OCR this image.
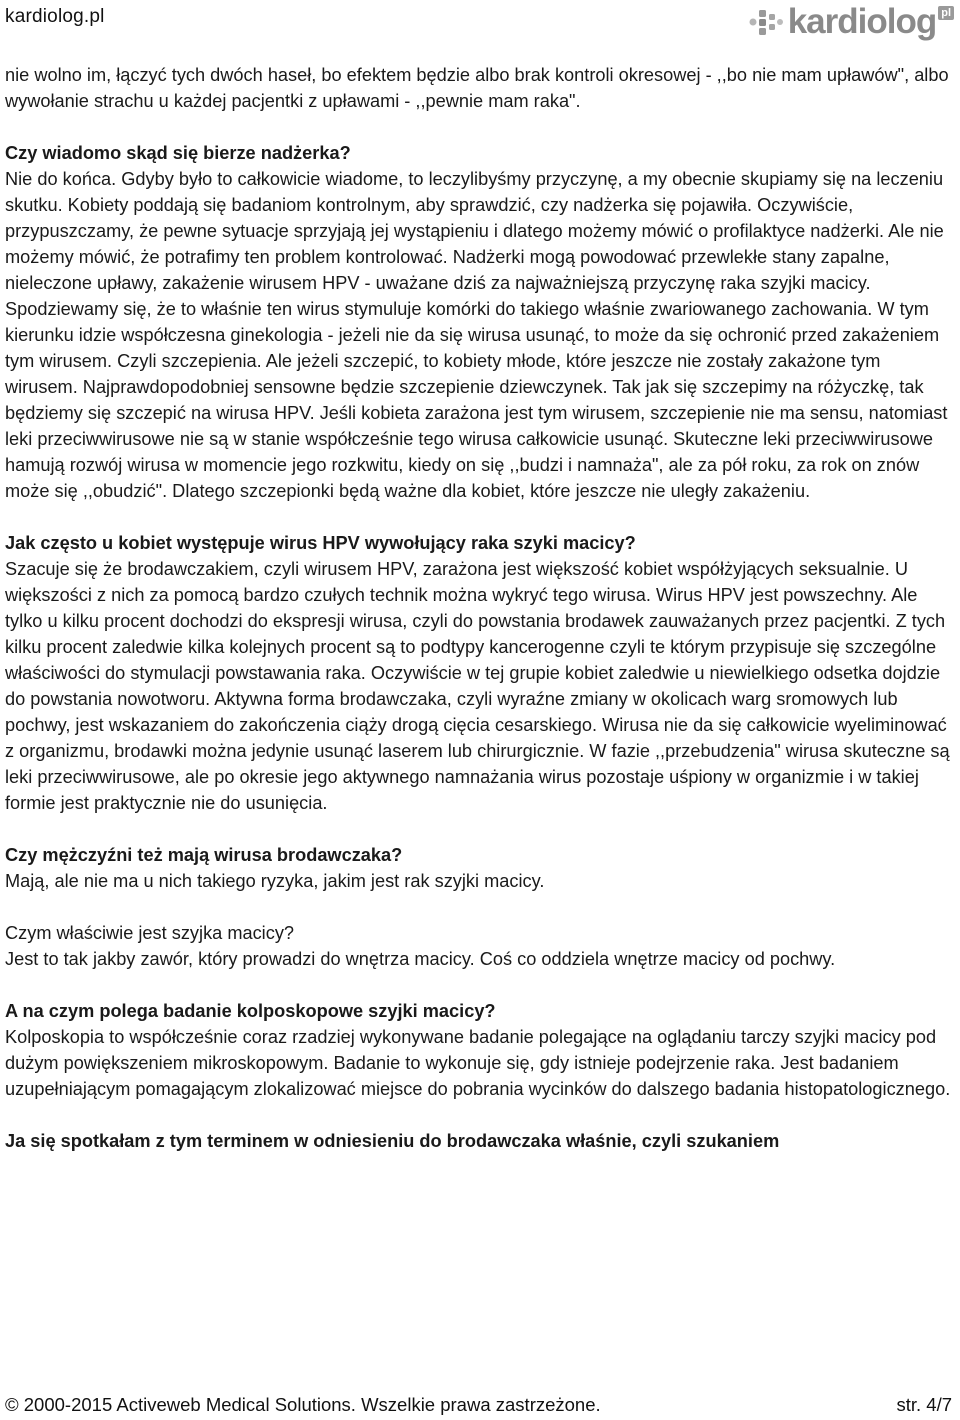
kardiolog.pl	kardiolog pl

nie wolno im, łączyć tych dwóch haseł, bo efektem będzie albo brak kontroli okresowej - ,,bo nie mam upławów", albo wywołanie strachu u każdej pacjentki z upławami - ,,pewnie mam raka".

Czy wiadomo skąd się bierze nadżerka?
Nie do końca. Gdyby było to całkowicie wiadome, to leczylibyśmy przyczynę, a my obecnie skupiamy się na leczeniu skutku. Kobiety poddają się badaniom kontrolnym, aby sprawdzić, czy nadżerka się pojawiła. Oczywiście, przypuszczamy, że pewne sytuacje sprzyjają jej wystąpieniu i dlatego możemy mówić o profilaktyce nadżerki. Ale nie możemy mówić, że potrafimy ten problem kontrolować. Nadżerki mogą powodować przewlekłe stany zapalne, nieleczone upławy, zakażenie wirusem HPV - uważane dziś za najważniejszą przyczynę raka szyjki macicy. Spodziewamy się, że to właśnie ten wirus stymuluje komórki do takiego właśnie zwariowanego zachowania. W tym kierunku idzie współczesna ginekologia - jeżeli nie da się wirusa usunąć, to może da się ochronić przed zakażeniem tym wirusem. Czyli szczepienia. Ale jeżeli szczepić, to kobiety młode, które jeszcze nie zostały zakażone tym wirusem. Najprawdopodobniej sensowne będzie szczepienie dziewczynek. Tak jak się szczepimy na różyczkę, tak będziemy się szczepić na wirusa HPV. Jeśli kobieta zarażona jest tym wirusem, szczepienie nie ma sensu, natomiast leki przeciwwirusowe nie są w stanie współcześnie tego wirusa całkowicie usunąć. Skuteczne leki przeciwwirusowe hamują rozwój wirusa w momencie jego rozkwitu, kiedy on się ,,budzi i namnaża", ale za pół roku, za rok on znów może się ,,obudzić". Dlatego szczepionki będą ważne dla kobiet, które jeszcze nie uległy zakażeniu.

Jak często u kobiet występuje wirus HPV wywołujący raka szyki macicy?
Szacuje się że brodawczakiem, czyli wirusem HPV, zarażona jest większość kobiet współżyjących seksualnie. U większości z nich za pomocą bardzo czułych technik można wykryć tego wirusa. Wirus HPV jest powszechny. Ale tylko u kilku procent dochodzi do ekspresji wirusa, czyli do powstania brodawek zauważanych przez pacjentki. Z tych kilku procent zaledwie kilka kolejnych procent są to podtypy kancerogenne czyli te którym przypisuje się szczególne właściwości do stymulacji powstawania raka. Oczywiście w tej grupie kobiet zaledwie u niewielkiego odsetka dojdzie do powstania nowotworu. Aktywna forma brodawczaka, czyli wyraźne zmiany w okolicach warg sromowych lub pochwy, jest wskazaniem do zakończenia ciąży drogą cięcia cesarskiego. Wirusa nie da się całkowicie wyeliminować z organizmu, brodawki można jedynie usunąć laserem lub chirurgicznie. W fazie ,,przebudzenia" wirusa skuteczne są leki przeciwwirusowe, ale po okresie jego aktywnego namnażania wirus pozostaje uśpiony w organizmie i w takiej formie jest praktycznie nie do usunięcia.

Czy mężczyźni też mają wirusa brodawczaka?
Mają, ale nie ma u nich takiego ryzyka, jakim jest rak szyjki macicy.

Czym właściwie jest szyjka macicy?
Jest to tak jakby zawór, który prowadzi do wnętrza macicy. Coś co oddziela wnętrze macicy od pochwy.

A na czym polega badanie kolposkopowe szyjki macicy?
Kolposkopia to współcześnie coraz rzadziej wykonywane badanie polegające na oglądaniu tarczy szyjki macicy pod dużym powiększeniem mikroskopowym. Badanie to wykonuje się, gdy istnieje podejrzenie raka. Jest badaniem uzupełniającym pomagającym zlokalizować miejsce do pobrania wycinków do dalszego badania histopatologicznego.

Ja się spotkałam z tym terminem w odniesieniu do brodawczaka właśnie, czyli szukaniem

© 2000-2015 Activeweb Medical Solutions. Wszelkie prawa zastrzeżone.	str. 4/7
